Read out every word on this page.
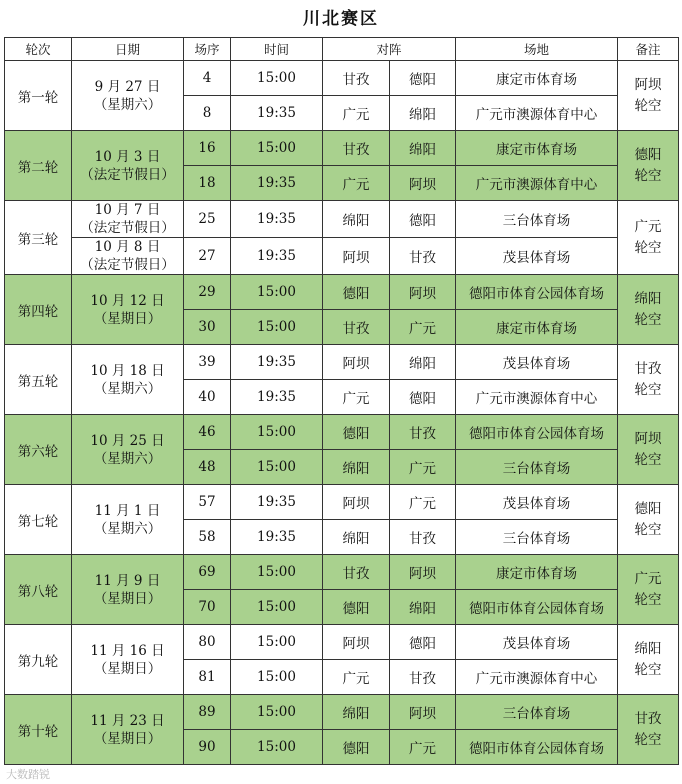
川北赛区
轮次	日期	场序	时间	对阵		场地	备注
第一轮	9 月 27 日
（星期六）	4	15:00	甘孜	德阳	康定市体育场	阿坝
轮空

		8	19:35	广元	绵阳	广元市澳源体育中心	
第二轮	10 月 3 日
（法定节假日）	16	15:00	甘孜	绵阳	康定市体育场	德阳
轮空

		18	19:35	广元	阿坝	广元市澳源体育中心	
第三轮	10 月 7 日
（法定节假日）	25	19:35	绵阳	德阳	三台体育场	广元
轮空

	10 月 8 日
（法定节假日）	27	19:35	阿坝	甘孜	茂县体育场	
第四轮	10 月 12 日
（星期日）	29	15:00	德阳	阿坝	德阳市体育公园体育场	绵阳
轮空

		30	15:00	甘孜	广元	康定市体育场	
第五轮	10 月 18 日
（星期六）	39	19:35	阿坝	绵阳	茂县体育场	甘孜
轮空

		40	19:35	广元	德阳	广元市澳源体育中心	
第六轮	10 月 25 日
（星期六）	46	15:00	德阳	甘孜	德阳市体育公园体育场	阿坝
轮空

		48	15:00	绵阳	广元	三台体育场	
第七轮	11 月 1 日
（星期六）	57	19:35	阿坝	广元	茂县体育场	德阳
轮空

		58	19:35	绵阳	甘孜	三台体育场	
第八轮	11 月 9 日
（星期日）	69	15:00	甘孜	阿坝	康定市体育场	广元
轮空

		70	15:00	德阳	绵阳	德阳市体育公园体育场	
第九轮	11 月 16 日
（星期日）	80	15:00	阿坝	德阳	茂县体育场	绵阳
轮空

		81	15:00	广元	甘孜	广元市澳源体育中心	
第十轮	11 月 23 日
（星期日）	89	15:00	绵阳	阿坝	三台体育场	甘孜
轮空

		90	15:00	德阳	广元	德阳市体育公园体育场	
大数踏锐
